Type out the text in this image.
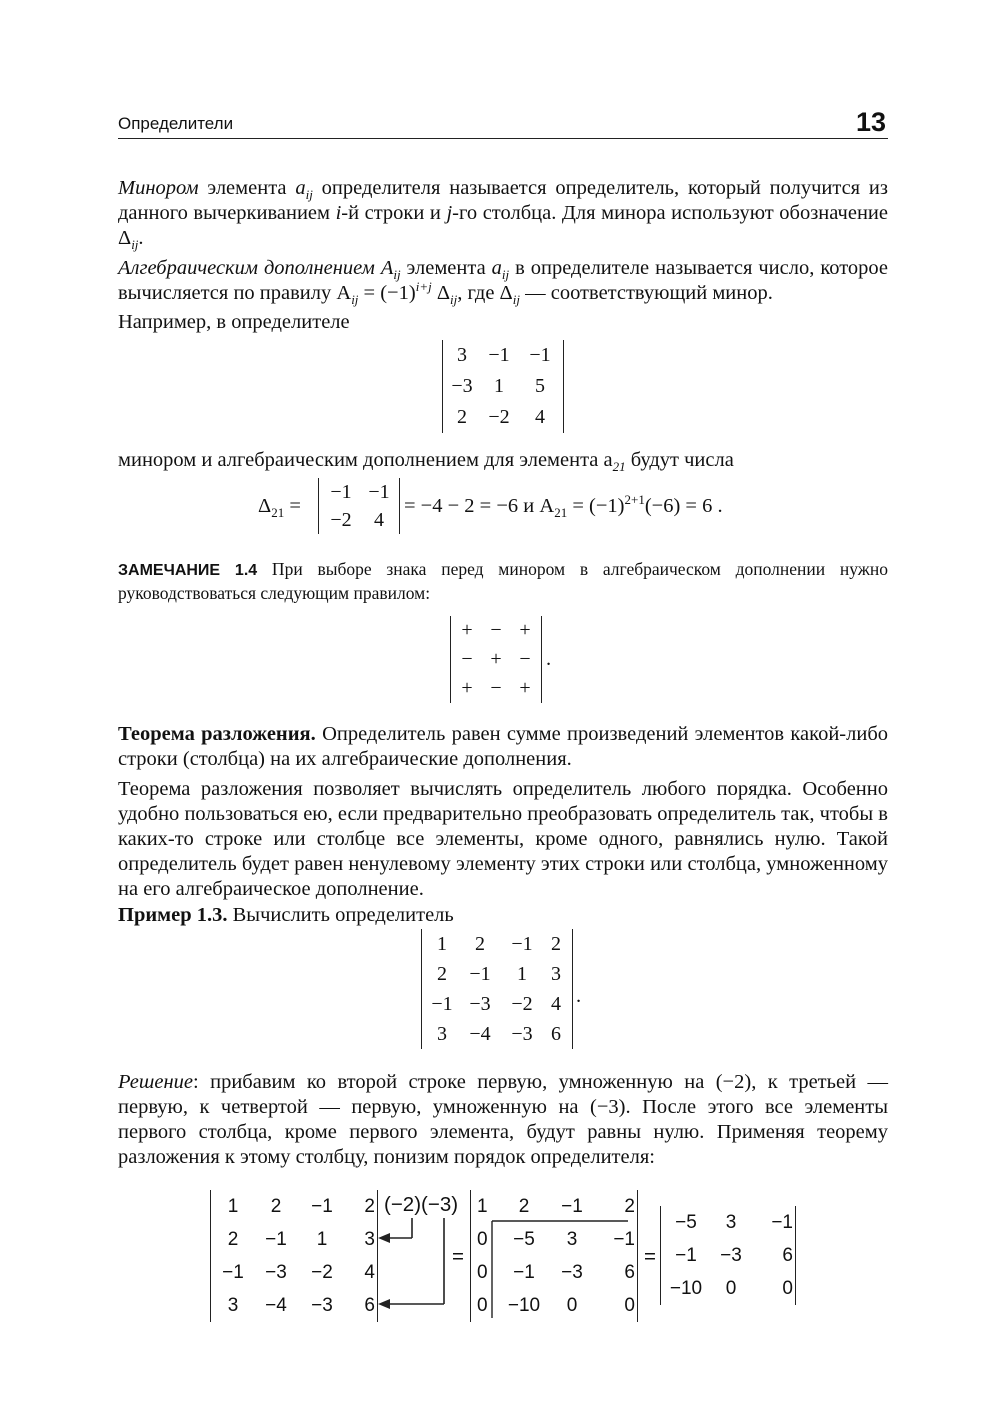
Определители	13

Минором элемента $a_{ij}$ определителя называется определитель, который получится из данного вычеркиванием i-й строки и j-го столбца. Для минора используют обозначение $\Delta_{ij}$.

Алгебраическим дополнением $A_{ij}$ элемента $a_{ij}$ в определителе называется число, которое вычисляется по правилу $A_{ij} = (-1)^{i+j}$ $\Delta_{ij}$, где $\Delta_{ij}$ — соответствующий минор.

Например, в определителе

3	−1	−1
−3	1	5
2	−2	4

минором и алгебраическим дополнением для элемента $a_{21}$ будут числа

$\Delta_{21}$ =
−1	−1
−2	4
= −4 − 2 = −6 и $A_{21} = (-1)^{2+1}(-6) = 6$ .

ЗАМЕЧАНИЕ 1.4 При выборе знака перед минором в алгебраическом дополнении нужно руководствоваться следующим правилом:

+	−	+
−	+	−
+	−	+
.

Теорема разложения. Определитель равен сумме произведений элементов какой-либо строки (столбца) на их алгебраические дополнения.

Теорема разложения позволяет вычислять определитель любого порядка. Особенно удобно пользоваться ею, если предварительно преобразовать определитель так, чтобы в каких-то строке или столбце все элементы, кроме одного, равнялись нулю. Такой определитель будет равен ненулевому элементу этих строки или столбца, умноженному на его алгебраическое дополнение.

Пример 1.3. Вычислить определитель

1	2	−1	2
2	−1	1	3
−1	−3	−2	4
3	−4	−3	6
.

Решение: прибавим ко второй строке первую, умноженную на (−2), к третьей — первую, к четвертой — первую, умноженную на (−3). После этого все элементы первого столбца, кроме первого элемента, будут равны нулю. Применяя теорему разложения к этому столбцу, понизим порядок определителя:

1	2	−1	2
2	−1	1	3
−1	−3	−2	4
3	−4	−3	6
(−2)(−3)
=
1	2	−1	2
0	−5	3	−1
0	−1	−3	6
0	−10	0	0
=
−5	3	−1
−1	−3	6
−10	0	0
